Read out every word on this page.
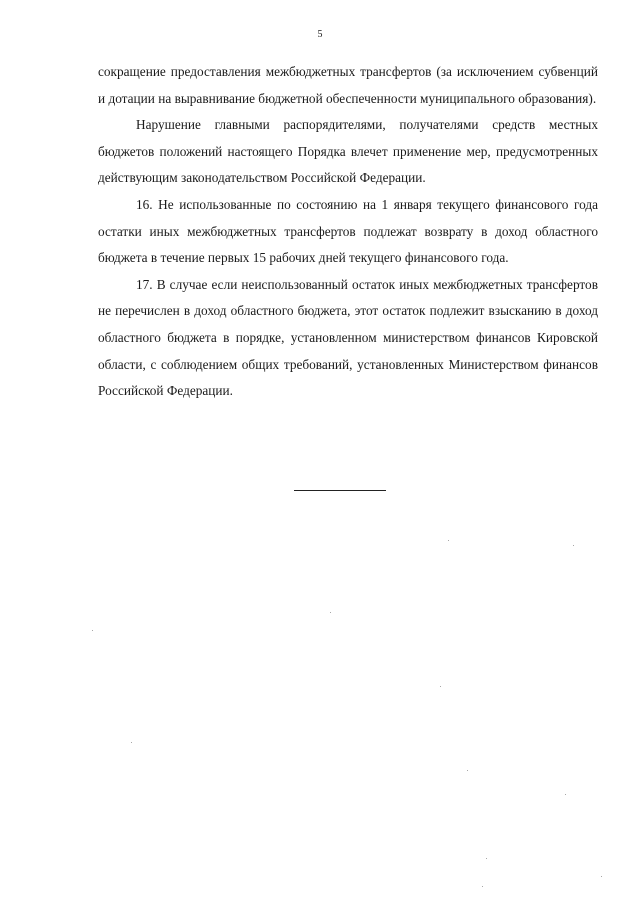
5

сокращение предоставления межбюджетных трансфертов (за исключением субвенций и дотации на выравнивание бюджетной обеспеченности муниципального образования).

Нарушение главными распорядителями, получателями средств местных бюджетов положений настоящего Порядка влечет применение мер, предусмотренных действующим законодательством Российской Федерации.

16. Не использованные по состоянию на 1 января текущего финансового года остатки иных межбюджетных трансфертов подлежат возврату в доход областного бюджета в течение первых 15 рабочих дней текущего финансового года.

17. В случае если неиспользованный остаток иных межбюджетных трансфертов не перечислен в доход областного бюджета, этот остаток подлежит взысканию в доход областного бюджета в порядке, установленном министерством финансов Кировской области, с соблюдением общих требований, установленных Министерством финансов Российской Федерации.
